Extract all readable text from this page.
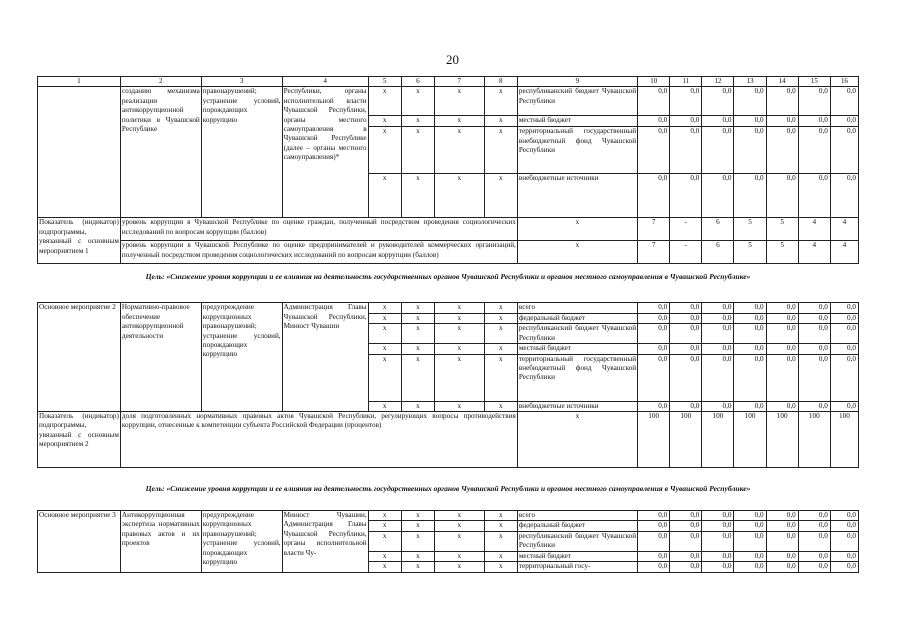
20
1	2	3	4	5	6	7	8	9	10	11	12	13	14	15	16
	созданию механизма реализации антикоррупционной политики в Чувашской Республике	правонарушений; устранение условий, порождающих коррупцию	Республики, органы исполнительной власти Чувашской Республики, органы местного самоуправления в Чувашской Республике (далее – органы местного самоуправления)*	x	x	x	x	республиканский бюджет Чувашской Республики	0,0	0,0	0,0	0,0	0,0	0,0	0,0
				x	x	x	x	местный бюджет	0,0	0,0	0,0	0,0	0,0	0,0	0,0
				x	x	x	x	территориальный государственный внебюджетный фонд Чувашской Республики	0,0	0,0	0,0	0,0	0,0	0,0	0,0
				x	x	x	x	внебюджетные источники	0,0	0,0	0,0	0,0	0,0	0,0	0,0
Показатель (индикатор) подпрограммы, увязанный с основным мероприятием 1	уровень коррупции в Чувашской Республике по оценке граждан, полученный посредством проведения социологических исследований по вопросам коррупции (баллов)							x	7	-	6	5	5	4	4
	уровень коррупции в Чувашской Республике по оценке предпринимателей и руководителей коммерческих организаций, полученный посредством проведения социологических исследований по вопросам коррупции (баллов)							x	7	-	6	5	5	4	4
Цель: «Снижение уровня коррупции и ее влияния на деятельность государственных органов Чувашской Республики и органов местного самоуправления в Чувашской Республике»															

Основное мероприятие 2	Нормативно-правовое обеспечение антикоррупционной деятельности	предупреждение коррупционных правонарушений; устранение условий, порождающих коррупцию	Администрация Главы Чувашской Республики, Минюст Чувашии	x	x	x	x	всего	0,0	0,0	0,0	0,0	0,0	0,0	0,0
				x	x	x	x	федеральный бюджет	0,0	0,0	0,0	0,0	0,0	0,0	0,0
				x	x	x	x	республиканский бюджет Чувашской Республики	0,0	0,0	0,0	0,0	0,0	0,0	0,0
				x	x	x	x	местный бюджет	0,0	0,0	0,0	0,0	0,0	0,0	0,0
				x	x	x	x	территориальный государственный внебюджетный фонд Чувашской Республики	0,0	0,0	0,0	0,0	0,0	0,0	0,0
				x	x	x	x	внебюджетные источники	0,0	0,0	0,0	0,0	0,0	0,0	0,0
Показатель (индикатор) подпрограммы, увязанный с основным мероприятием 2	доля подготовленных нормативных правовых актов Чувашской Республики, регулирующих вопросы противодействия коррупции, отнесенные к компетенции субъекта Российской Федерации (процентов)							x	100	100	100	100	100	100	100

Цель: «Снижение уровня коррупции и ее влияния на деятельность государственных органов Чувашской Республики и органов местного самоуправления в Чувашской Республике»															

Основное мероприятие 3	Антикоррупционная экспертиза нормативных правовых актов и их проектов	предупреждение коррупционных правонарушений; устранение условий, порождающих коррупцию	Минюст Чувашии, Администрация Главы Чувашской Республики, органы исполнительной власти Чу-	x	x	x	x	всего	0,0	0,0	0,0	0,0	0,0	0,0	0,0
				x	x	x	x	федеральный бюджет	0,0	0,0	0,0	0,0	0,0	0,0	0,0
				x	x	x	x	республиканский бюджет Чувашской Республики	0,0	0,0	0,0	0,0	0,0	0,0	0,0
				x	x	x	x	местный бюджет	0,0	0,0	0,0	0,0	0,0	0,0	0,0
				x	x	x	x	территориальный госу-	0,0	0,0	0,0	0,0	0,0	0,0	0,0
